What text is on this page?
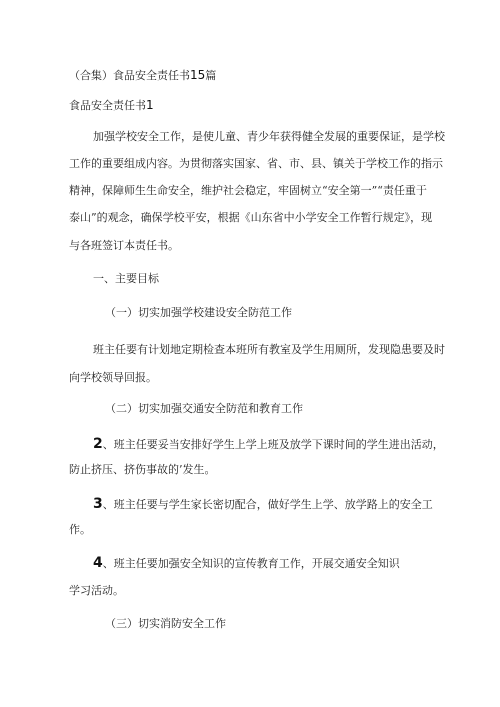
（合集）食品安全责任书15篇
食品安全责任书1
加强学校安全工作，是使儿童、青少年获得健全发展的重要保证，是学校
工作的重要组成内容。为贯彻落实国家、省、市、县、镇关于学校工作的指示
精神，保障师生生命安全，维护社会稳定，牢固树立“安全第一”“责任重于
泰山”的观念，确保学校平安，根据《山东省中小学安全工作暂行规定》，现
与各班签订本责任书。
一、主要目标
（一）切实加强学校建设安全防范工作
班主任要有计划地定期检查本班所有教室及学生用厕所，发现隐患要及时
向学校领导回报。
（二）切实加强交通安全防范和教育工作
2、班主任要妥当安排好学生上学上班及放学下课时间的学生进出活动，
防止挤压、挤伤事故的’发生。
3、班主任要与学生家长密切配合，做好学生上学、放学路上的安全工
作。
4、班主任要加强安全知识的宣传教育工作，开展交通安全知识
学习活动。
（三）切实消防安全工作
